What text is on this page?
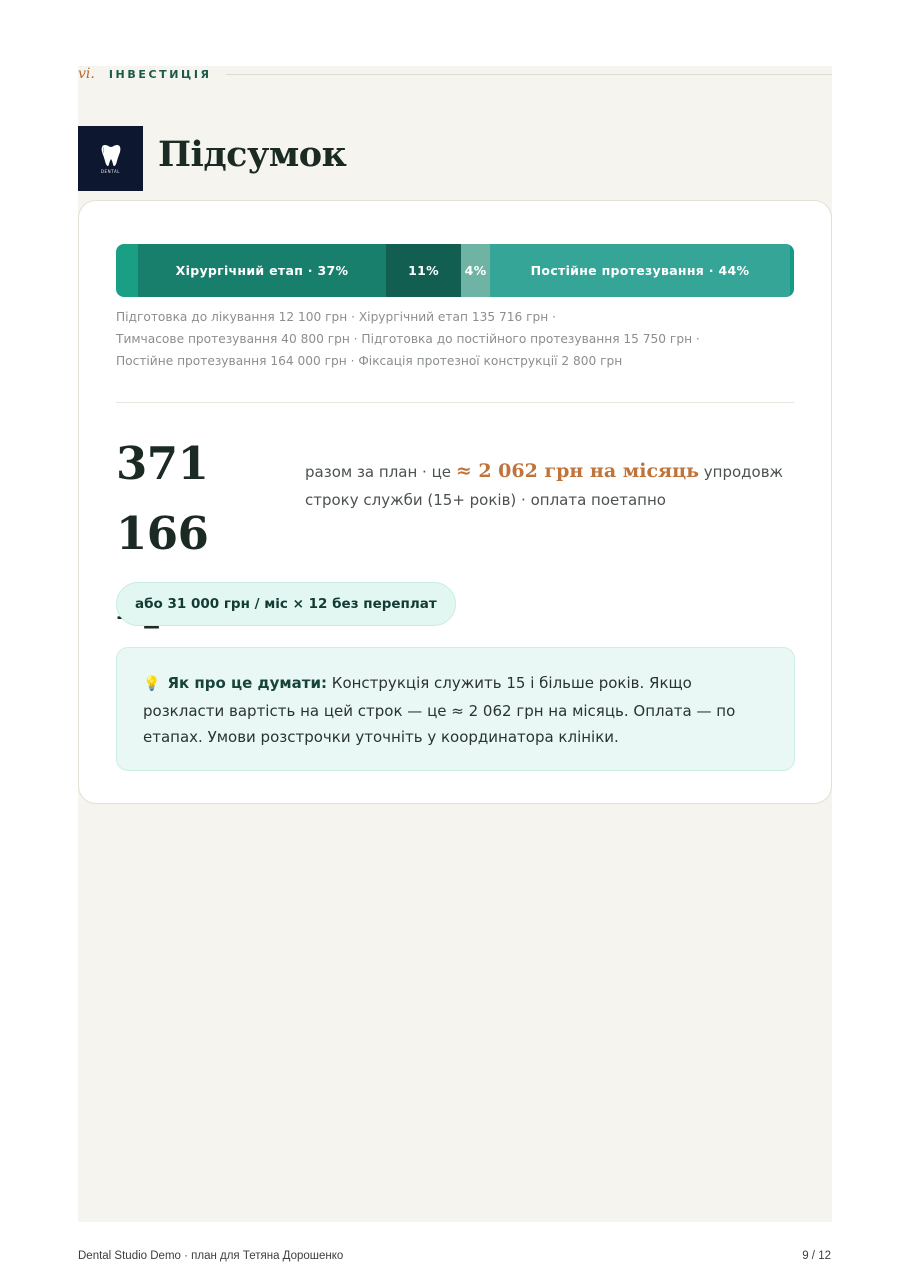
vi. ІНВЕСТИЦІЯ
DENTAL Підсумок
Хірургічний етап · 37%	11%	4%	Постійне протезування · 44%
Підготовка до лікування 12 100 грн · Хірургічний етап 135 716 грн ·
Тимчасове протезування 40 800 грн · Підготовка до постійного протезування 15 750 грн ·
Постійне протезування 164 000 грн · Фіксація протезної конструкції 2 800 грн
371 166
разом за план · це ≈ 2 062 грн на місяць упродовж строку служби (15+ років) · оплата поетапно
або 31 000 грн / міс × 12 без переплат
💡 Як про це думати: Конструкція служить 15 і більше років. Якщо розкласти вартість на цей строк — це ≈ 2 062 грн на місяць. Оплата — по етапах. Умови розстрочки уточніть у координатора клініки.
Dental Studio Demo · план для Тетяна Дорошенко	9 / 12
